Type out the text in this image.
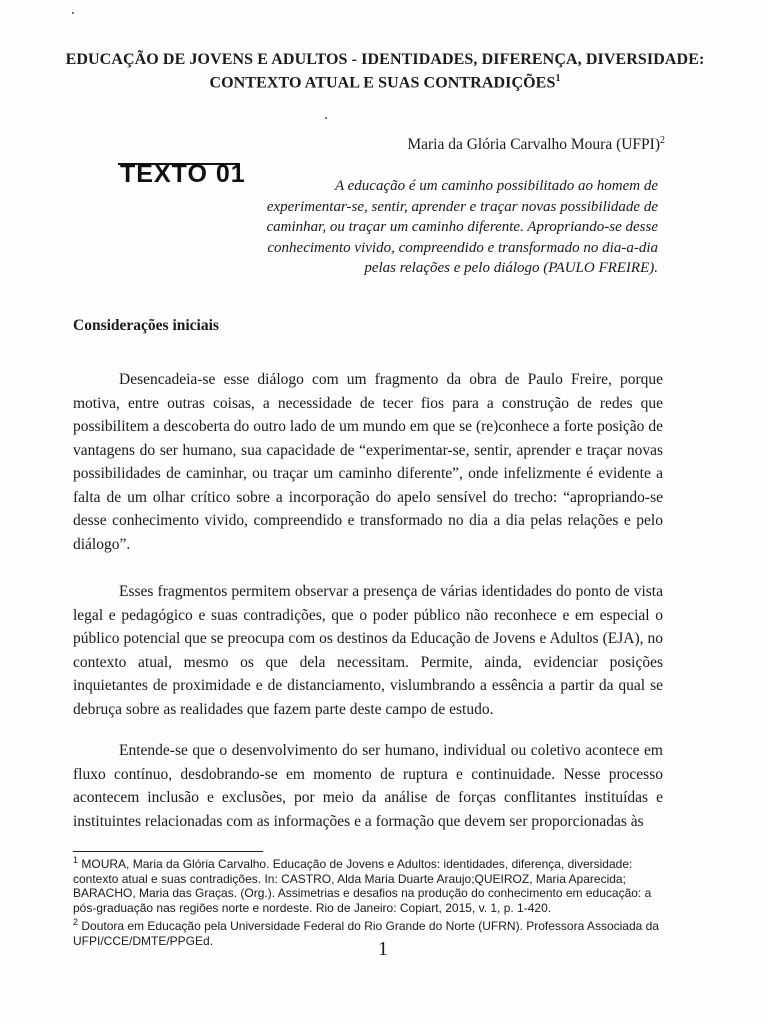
EDUCAÇÃO DE JOVENS E ADULTOS - IDENTIDADES, DIFERENÇA, DIVERSIDADE: CONTEXTO ATUAL E SUAS CONTRADIÇÕES$^1$
Maria da Glória Carvalho Moura (UFPI)$^2$
TEXTO 01	A educação é um caminho possibilitado ao homem de experimentar-se, sentir, aprender e traçar novas possibilidade de caminhar, ou traçar um caminho diferente. Apropriando-se desse conhecimento vivido, compreendido e transformado no dia-a-dia pelas relações e pelo diálogo (PAULO FREIRE).
Considerações iniciais

Desencadeia-se esse diálogo com um fragmento da obra de Paulo Freire, porque motiva, entre outras coisas, a necessidade de tecer fios para a construção de redes que possibilitem a descoberta do outro lado de um mundo em que se (re)conhece a forte posição de vantagens do ser humano, sua capacidade de “experimentar-se, sentir, aprender e traçar novas possibilidades de caminhar, ou traçar um caminho diferente”, onde infelizmente é evidente a falta de um olhar crítico sobre a incorporação do apelo sensível do trecho: “apropriando-se desse conhecimento vivido, compreendido e transformado no dia a dia pelas relações e pelo diálogo”.

Esses fragmentos permitem observar a presença de várias identidades do ponto de vista legal e pedagógico e suas contradições, que o poder público não reconhece e em especial o público potencial que se preocupa com os destinos da Educação de Jovens e Adultos (EJA), no contexto atual, mesmo os que dela necessitam. Permite, ainda, evidenciar posições inquietantes de proximidade e de distanciamento, vislumbrando a essência a partir da qual se debruça sobre as realidades que fazem parte deste campo de estudo.

Entende-se que o desenvolvimento do ser humano, individual ou coletivo acontece em fluxo contínuo, desdobrando-se em momento de ruptura e continuidade. Nesse processo acontecem inclusão e exclusões, por meio da análise de forças conflitantes instituídas e instituintes relacionadas com as informações e a formação que devem ser proporcionadas às

$^1$ MOURA, Maria da Glória Carvalho. Educação de Jovens e Adultos: identidades, diferença, diversidade: contexto atual e suas contradições. In: CASTRO, Alda Maria Duarte Araujo;QUEIROZ, Maria Aparecida; BARACHO, Maria das Graças. (Org.). Assimetrias e desafios na produção do conhecimento em educação: a pós-graduação nas regiões norte e nordeste. Rio de Janeiro: Copiart, 2015, v. 1, p. 1-420.

$^2$ Doutora em Educação pela Universidade Federal do Rio Grande do Norte (UFRN). Professora Associada da UFPI/CCE/DMTE/PPGEd.	1
